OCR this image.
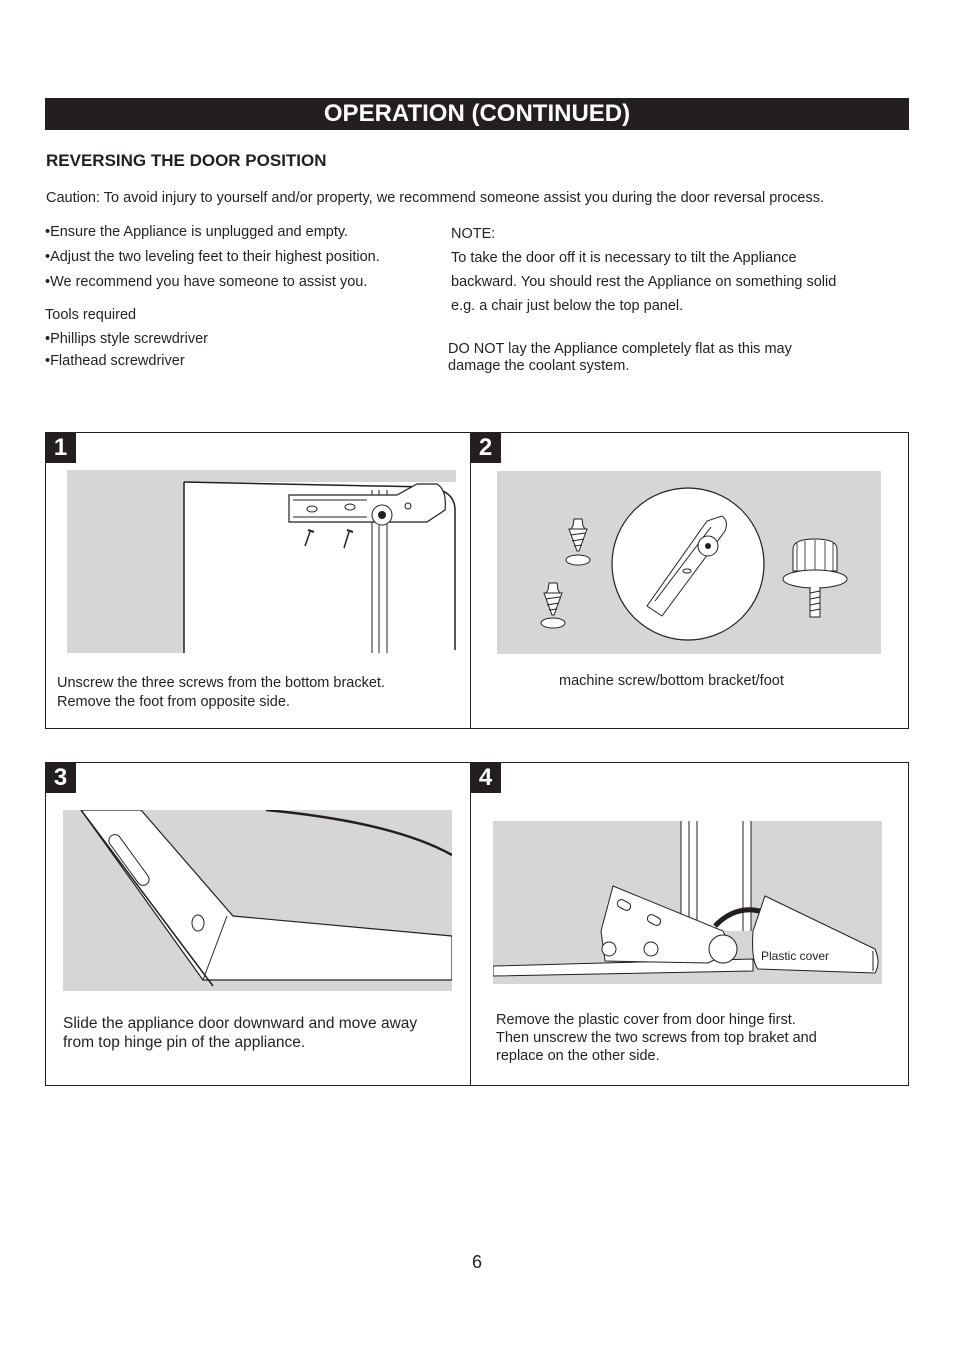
OPERATION (CONTINUED)
REVERSING THE DOOR POSITION
Caution: To avoid injury to yourself and/or property, we recommend someone assist you during the door reversal process.
•Ensure the Appliance is unplugged and empty.
•Adjust the two leveling feet to their highest position.
•We recommend you have someone to assist you.
Tools required
•Phillips style screwdriver
•Flathead screwdriver
NOTE:
To take the door off it is necessary to tilt the Appliance
backward. You should rest the Appliance on something solid
e.g. a chair just below the top panel.
DO NOT lay the Appliance completely flat as this may
damage the coolant system.
1
Unscrew the three screws from the bottom bracket.
Remove the foot from opposite side.
2
machine screw/bottom bracket/foot
3
Slide the appliance door downward and move away
from top hinge pin of the appliance.
4
Plastic cover
Remove the plastic cover from door hinge first.
Then unscrew the two screws from top braket and
replace on the other side.
6
